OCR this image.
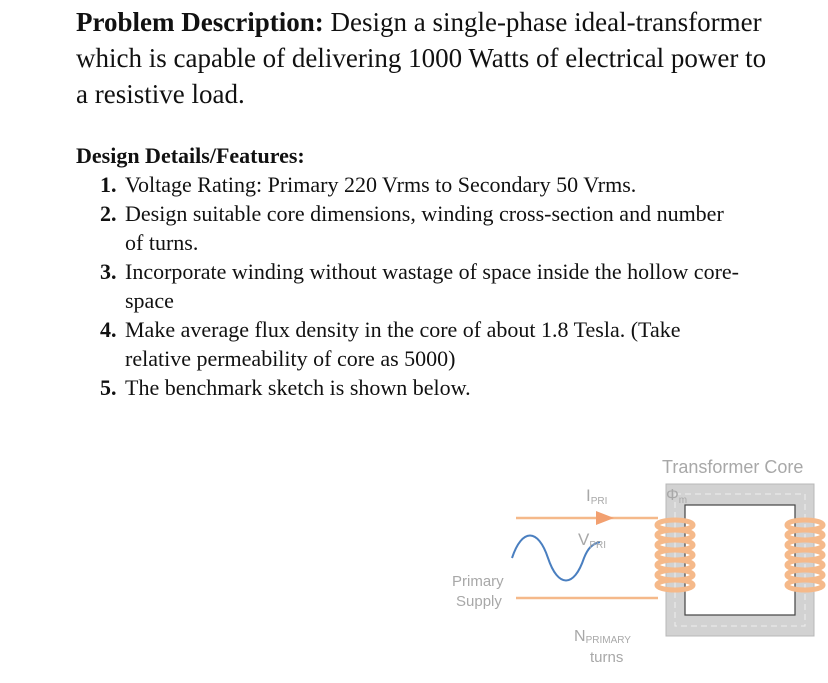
Problem Description: Design a single-phase ideal-transformer which is capable of delivering 1000 Watts of electrical power to a resistive load.

Design Details/Features:

1. Voltage Rating: Primary 220 Vrms to Secondary 50 Vrms.
2. Design suitable core dimensions, winding cross-section and number of turns.
3. Incorporate winding without wastage of space inside the hollow core-space
4. Make average flux density in the core of about 1.8 Tesla. (Take relative permeability of core as 5000)
5. The benchmark sketch is shown below.
Transformer Core
IPRI
VPRI
Φm
Primary
Supply
NPRIMARY
turns
